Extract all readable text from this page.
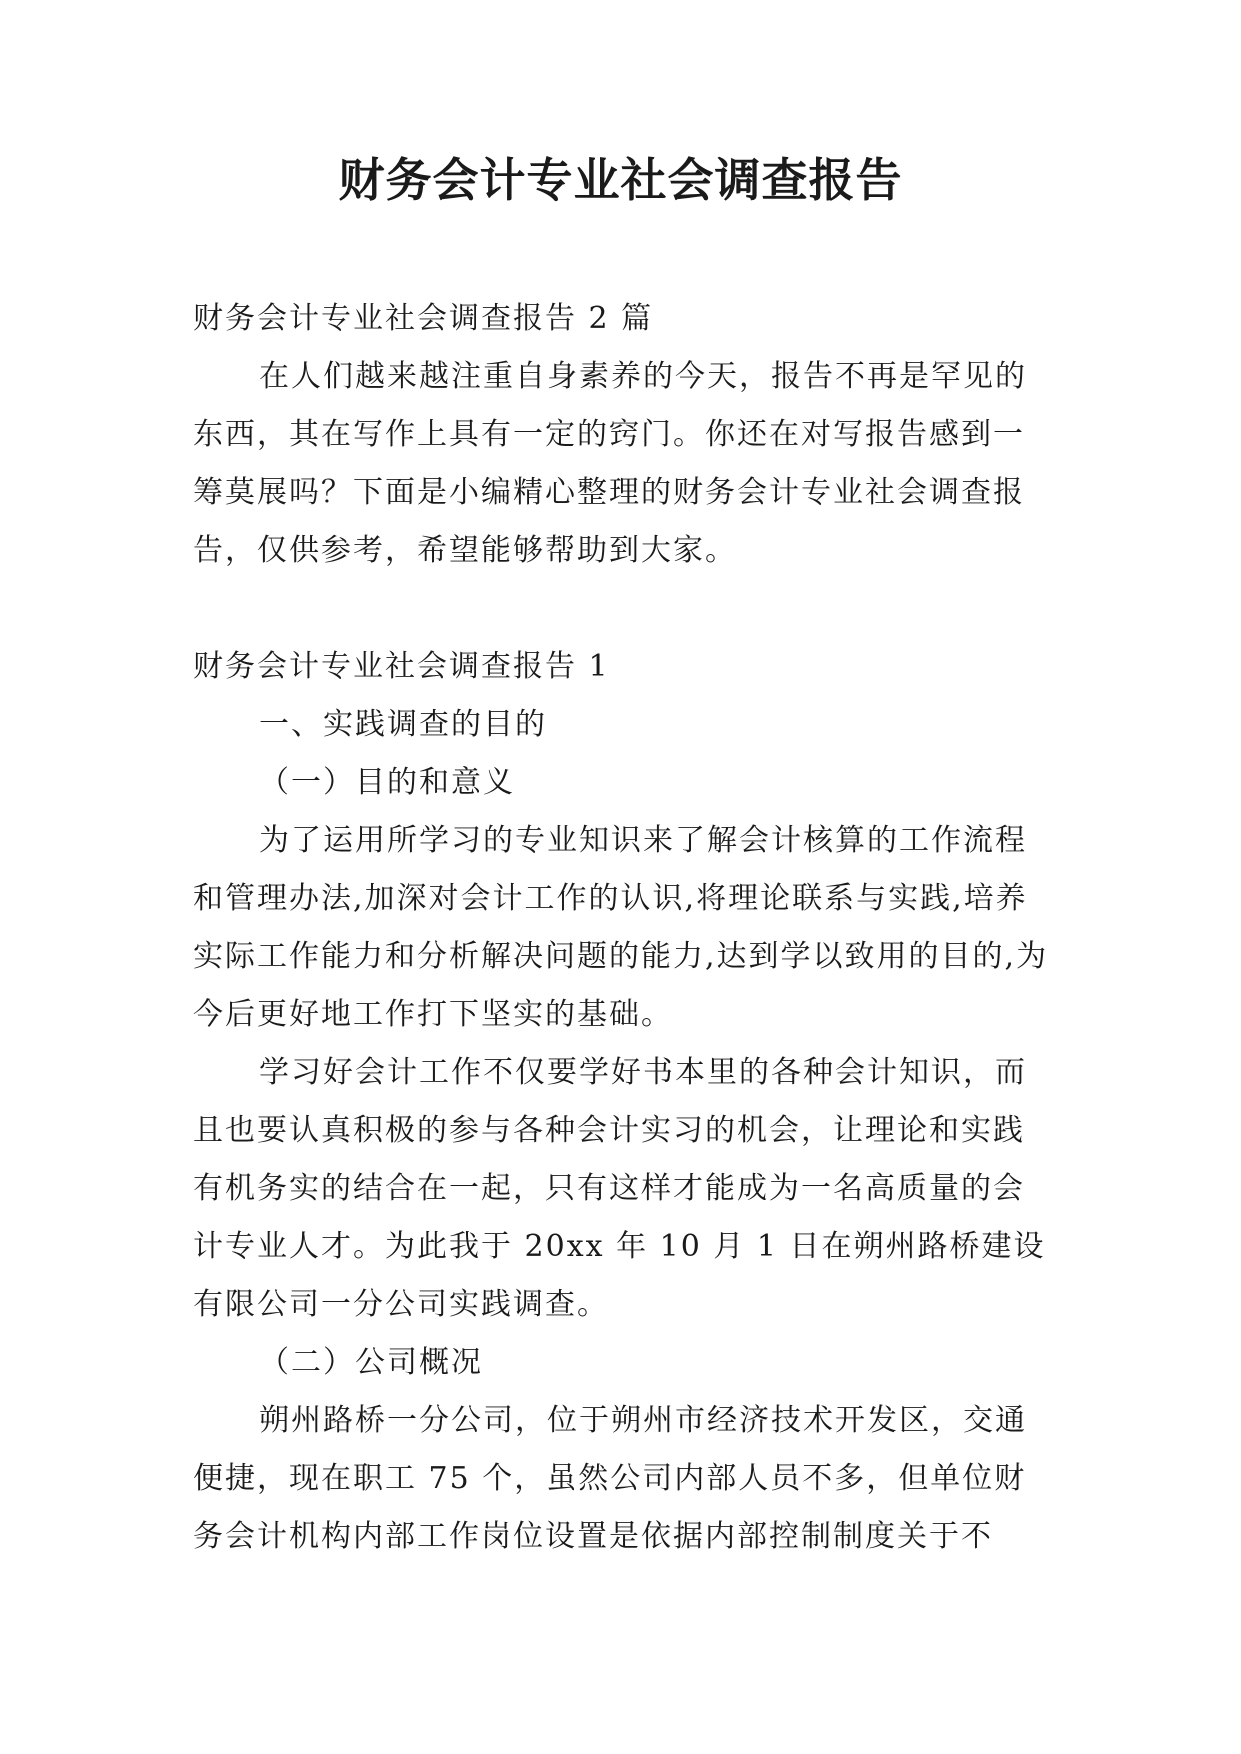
财务会计专业社会调查报告

财务会计专业社会调查报告 2 篇

在人们越来越注重自身素养的今天，报告不再是罕见的东西，其在写作上具有一定的窍门。你还在对写报告感到一筹莫展吗？下面是小编精心整理的财务会计专业社会调查报告，仅供参考，希望能够帮助到大家。

财务会计专业社会调查报告 1

一、实践调查的目的

（一）目的和意义

为了运用所学习的专业知识来了解会计核算的工作流程和管理办法,加深对会计工作的认识,将理论联系与实践,培养实际工作能力和分析解决问题的能力,达到学以致用的目的,为今后更好地工作打下坚实的基础。

学习好会计工作不仅要学好书本里的各种会计知识，而且也要认真积极的参与各种会计实习的机会，让理论和实践有机务实的结合在一起，只有这样才能成为一名高质量的会计专业人才。为此我于 20xx 年 10 月 1 日在朔州路桥建设有限公司一分公司实践调查。

（二）公司概况

朔州路桥一分公司，位于朔州市经济技术开发区，交通便捷，现在职工 75 个，虽然公司内部人员不多，但单位财务会计机构内部工作岗位设置是依据内部控制制度关于不
